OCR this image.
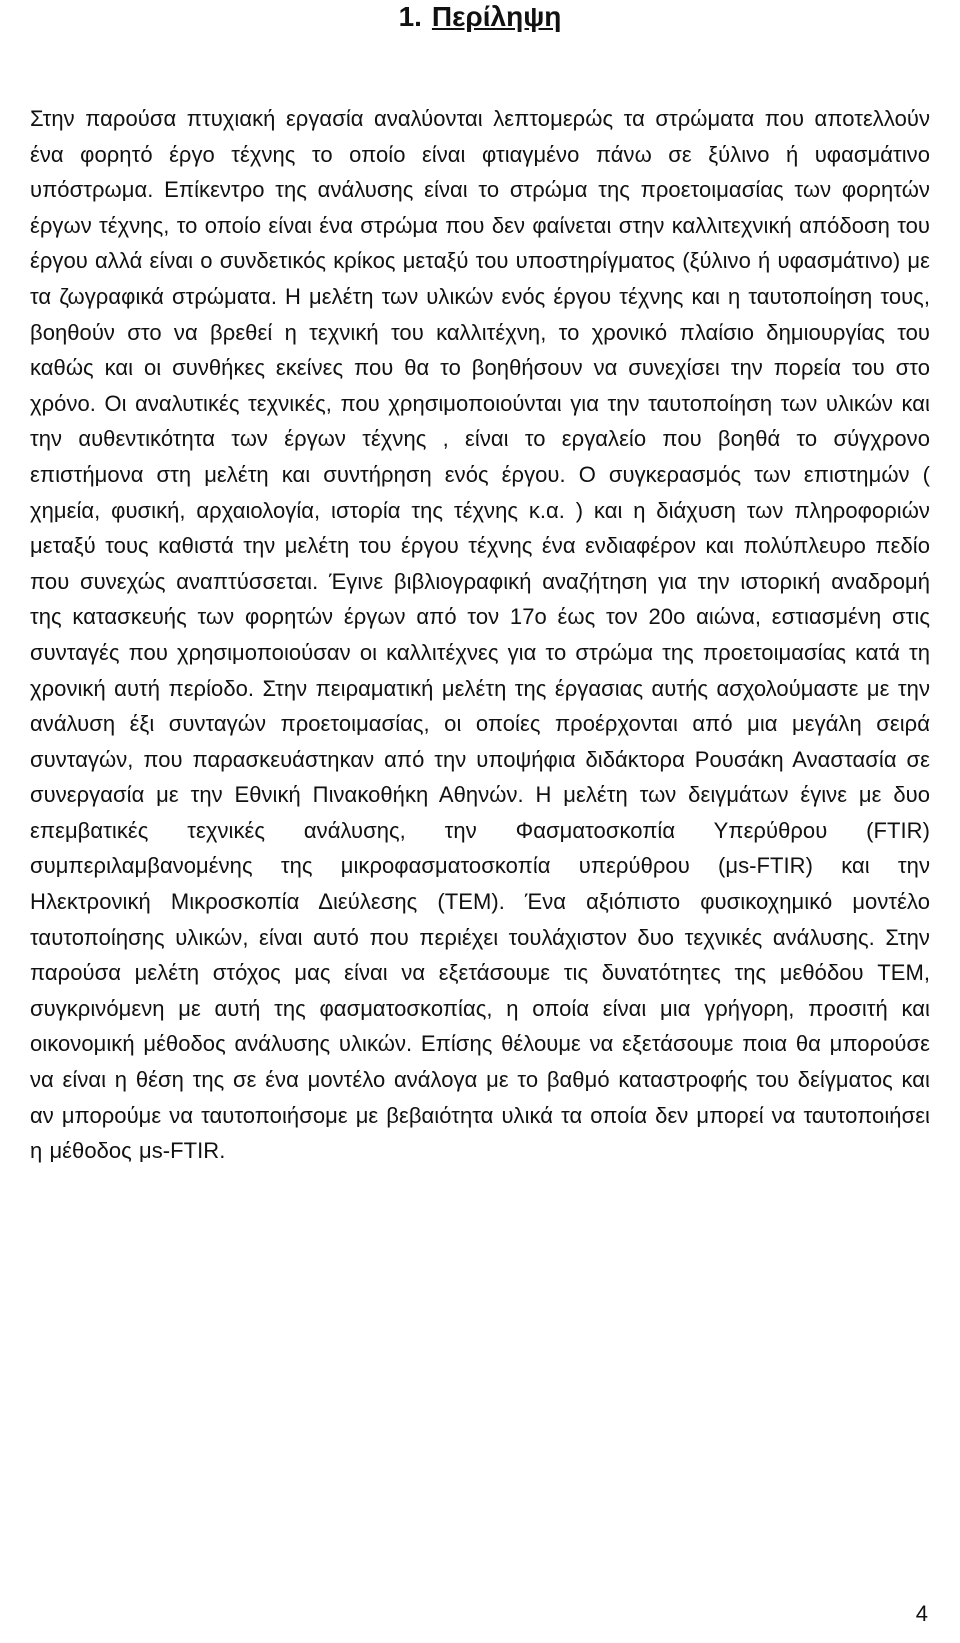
1. Περίληψη

Στην παρούσα πτυχιακή εργασία αναλύονται λεπτομερώς τα στρώματα που αποτελλούν ένα φορητό έργο τέχνης το οποίο είναι φτιαγμένο πάνω σε ξύλινο ή υφασμάτινο υπόστρωμα. Επίκεντρο της ανάλυσης είναι το στρώμα της προετοιμασίας των φορητών έργων τέχνης, το οποίο είναι ένα στρώμα που δεν φαίνεται στην καλλιτεχνική απόδοση του έργου αλλά είναι ο συνδετικός κρίκος μεταξύ του υποστηρίγματος (ξύλινο ή υφασμάτινο) με τα ζωγραφικά στρώματα. Η μελέτη των υλικών ενός έργου τέχνης και η ταυτοποίηση τους, βοηθούν στο να βρεθεί η τεχνική του καλλιτέχνη, το χρονικό πλαίσιο δημιουργίας του καθώς και οι συνθήκες εκείνες που θα το βοηθήσουν να συνεχίσει την πορεία του στο χρόνο. Οι αναλυτικές τεχνικές, που χρησιμοποιούνται για την ταυτοποίηση των υλικών και την αυθεντικότητα των έργων τέχνης , είναι το εργαλείο που βοηθά το σύγχρονο επιστήμονα στη μελέτη και συντήρηση ενός έργου. Ο συγκερασμός των επιστημών ( χημεία, φυσική, αρχαιολογία, ιστορία της τέχνης κ.α. ) και η διάχυση των πληροφοριών μεταξύ τους καθιστά την μελέτη του έργου τέχνης ένα ενδιαφέρον και πολύπλευρο πεδίο που συνεχώς αναπτύσσεται. Έγινε βιβλιογραφική αναζήτηση για την ιστορική αναδρομή της κατασκευής των φορητών έργων από τον 17ο έως τον 20ο αιώνα, εστιασμένη στις συνταγές που χρησιμοποιούσαν οι καλλιτέχνες για το στρώμα της προετοιμασίας κατά τη χρονική αυτή περίοδο. Στην πειραματική μελέτη της έργασιας αυτής ασχολούμαστε με την ανάλυση έξι συνταγών προετοιμασίας, οι οποίες προέρχονται από μια μεγάλη σειρά συνταγών, που παρασκευάστηκαν από την υποψήφια διδάκτορα Ρουσάκη Αναστασία σε συνεργασία με την Εθνική Πινακοθήκη Αθηνών. Η μελέτη των δειγμάτων έγινε με δυο επεμβατικές τεχνικές ανάλυσης, την Φασματοσκοπία Υπερύθρου (FTIR) συμπεριλαμβανομένης της μικροφασματοσκοπία υπερύθρου (μs-FTIR) και την Ηλεκτρονική Μικροσκοπία Διεύλεσης (TEM). Ένα αξιόπιστο φυσικοχημικό μοντέλο ταυτοποίησης υλικών, είναι αυτό που περιέχει τουλάχιστον δυο τεχνικές ανάλυσης. Στην παρούσα μελέτη στόχος μας είναι να εξετάσουμε τις δυνατότητες της μεθόδου TEM, συγκρινόμενη με αυτή της φασματοσκοπίας, η οποία είναι μια γρήγορη, προσιτή και οικονομική μέθοδος ανάλυσης υλικών. Επίσης θέλουμε να εξετάσουμε ποια θα μπορούσε να είναι η θέση της σε ένα μοντέλο ανάλογα με το βαθμό καταστροφής του δείγματος και αν μπορούμε να ταυτοποιήσομε με βεβαιότητα υλικά τα οποία δεν μπορεί να ταυτοποιήσει η μέθοδος μs-FTIR.

4
